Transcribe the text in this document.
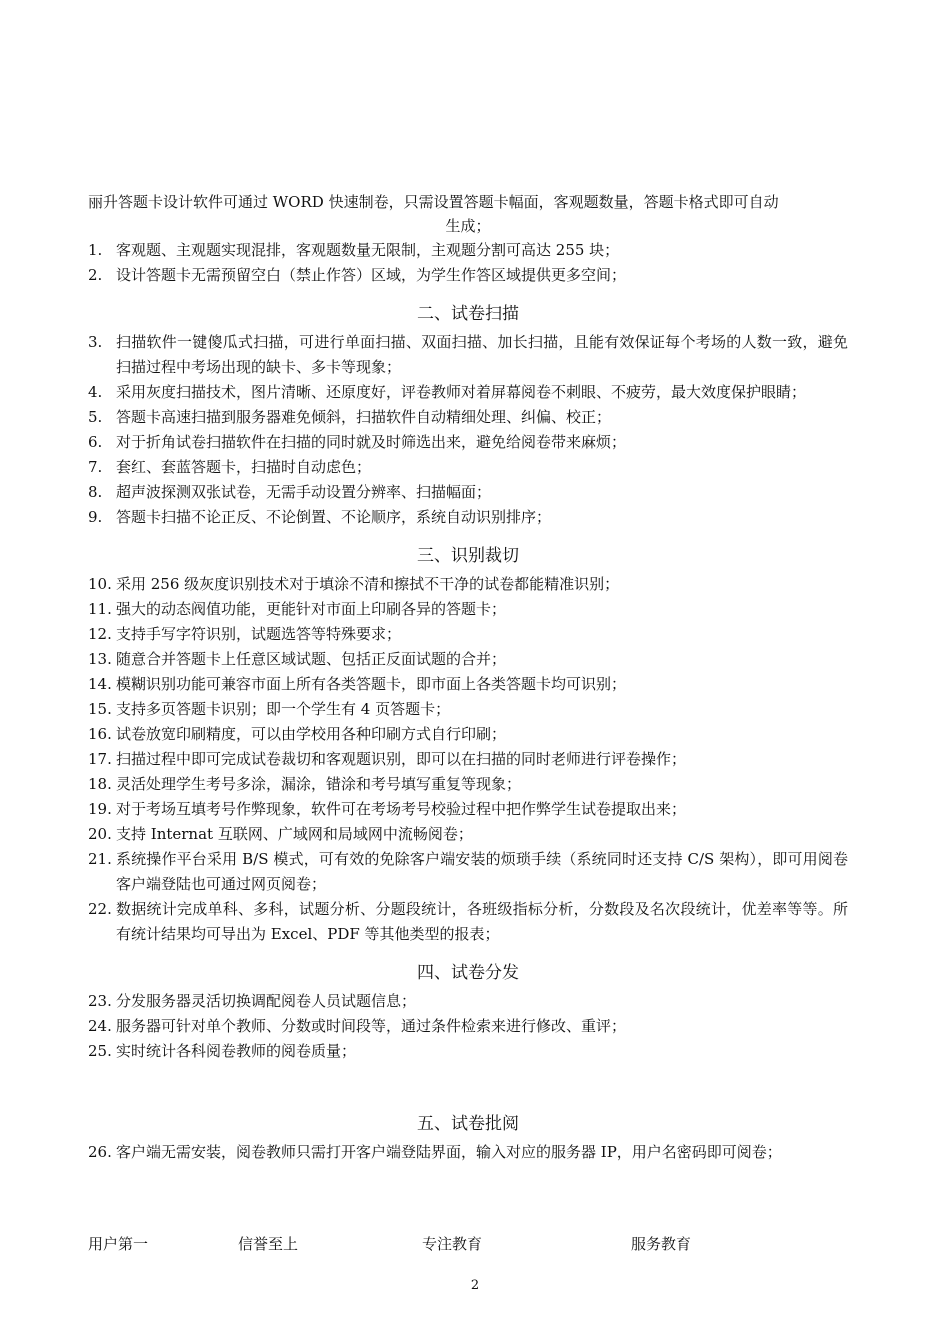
丽升答题卡设计软件可通过 WORD 快速制卷，只需设置答题卡幅面，客观题数量，答题卡格式即可自动
生成；
1. 客观题、主观题实现混排，客观题数量无限制，主观题分割可高达 255 块；
2. 设计答题卡无需预留空白（禁止作答）区域，为学生作答区域提供更多空间；
二、试卷扫描
3. 扫描软件一键傻瓜式扫描，可进行单面扫描、双面扫描、加长扫描，且能有效保证每个考场的人数一致，避免扫描过程中考场出现的缺卡、多卡等现象；
4. 采用灰度扫描技术，图片清晰、还原度好，评卷教师对着屏幕阅卷不刺眼、不疲劳，最大效度保护眼睛；
5. 答题卡高速扫描到服务器难免倾斜，扫描软件自动精细处理、纠偏、校正；
6. 对于折角试卷扫描软件在扫描的同时就及时筛选出来，避免给阅卷带来麻烦；
7. 套红、套蓝答题卡，扫描时自动虑色；
8. 超声波探测双张试卷，无需手动设置分辨率、扫描幅面；
9. 答题卡扫描不论正反、不论倒置、不论顺序，系统自动识别排序；
三、识别裁切
10. 采用 256 级灰度识别技术对于填涂不清和擦拭不干净的试卷都能精准识别；
11. 强大的动态阀值功能，更能针对市面上印刷各异的答题卡；
12. 支持手写字符识别，试题选答等特殊要求；
13. 随意合并答题卡上任意区域试题、包括正反面试题的合并；
14. 模糊识别功能可兼容市面上所有各类答题卡，即市面上各类答题卡均可识别；
15. 支持多页答题卡识别；即一个学生有 4 页答题卡；
16. 试卷放宽印刷精度，可以由学校用各种印刷方式自行印刷；
17. 扫描过程中即可完成试卷裁切和客观题识别，即可以在扫描的同时老师进行评卷操作；
18. 灵活处理学生考号多涂，漏涂，错涂和考号填写重复等现象；
19. 对于考场互填考号作弊现象，软件可在考场考号校验过程中把作弊学生试卷提取出来；
20. 支持 Internat 互联网、广域网和局域网中流畅阅卷；
21. 系统操作平台采用 B/S 模式，可有效的免除客户端安装的烦琐手续（系统同时还支持 C/S 架构），即可用阅卷客户端登陆也可通过网页阅卷；
22. 数据统计完成单科、多科，试题分析、分题段统计，各班级指标分析，分数段及名次段统计，优差率等等。所有统计结果均可导出为 Excel、PDF 等其他类型的报表；
四、试卷分发
23. 分发服务器灵活切换调配阅卷人员试题信息；
24. 服务器可针对单个教师、分数或时间段等，通过条件检索来进行修改、重评；
25. 实时统计各科阅卷教师的阅卷质量；
五、试卷批阅
26. 客户端无需安装，阅卷教师只需打开客户端登陆界面，输入对应的服务器 IP，用户名密码即可阅卷；
用户第一	信誉至上	专注教育	服务教育
2
